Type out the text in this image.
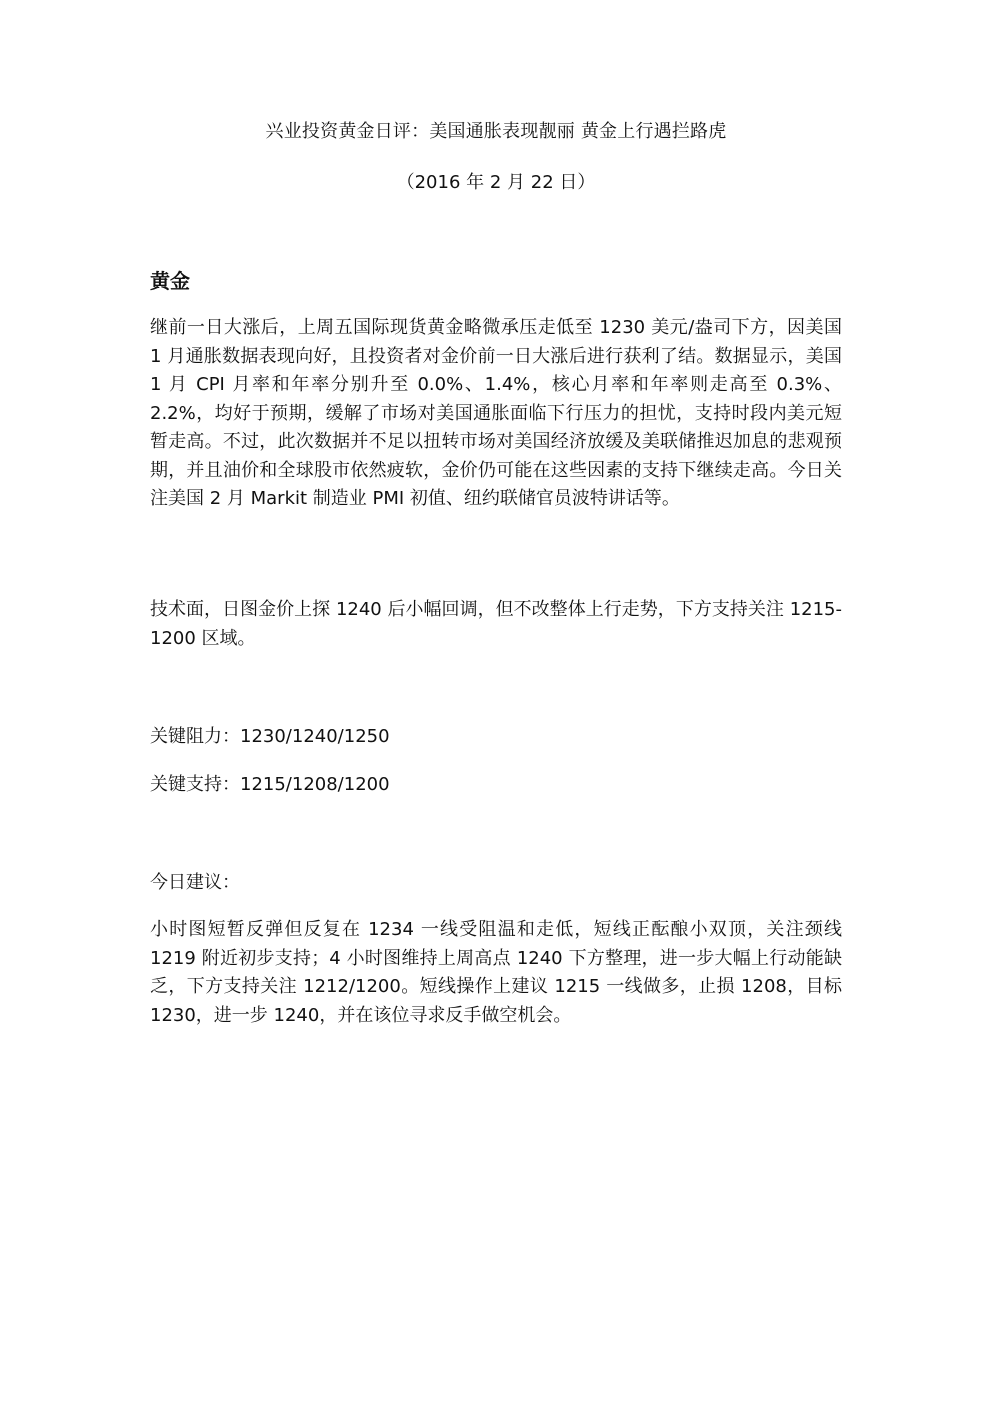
兴业投资黄金日评：美国通胀表现靓丽 黄金上行遇拦路虎
（2016 年 2 月 22 日）
黄金

继前一日大涨后，上周五国际现货黄金略微承压走低至 1230 美元/盎司下方，因美国 1 月通胀数据表现向好，且投资者对金价前一日大涨后进行获利了结。数据显示，美国 1 月 CPI 月率和年率分别升至 0.0%、1.4%，核心月率和年率则走高至 0.3%、2.2%，均好于预期，缓解了市场对美国通胀面临下行压力的担忧，支持时段内美元短暂走高。不过，此次数据并不足以扭转市场对美国经济放缓及美联储推迟加息的悲观预期，并且油价和全球股市依然疲软，金价仍可能在这些因素的支持下继续走高。今日关注美国 2 月 Markit 制造业 PMI 初值、纽约联储官员波特讲话等。

技术面，日图金价上探 1240 后小幅回调，但不改整体上行走势，下方支持关注 1215-1200 区域。

关键阻力：1230/1240/1250
关键支持：1215/1208/1200
今日建议：

小时图短暂反弹但反复在 1234 一线受阻温和走低，短线正酝酿小双顶，关注颈线 1219 附近初步支持；4 小时图维持上周高点 1240 下方整理，进一步大幅上行动能缺乏，下方支持关注 1212/1200。短线操作上建议 1215 一线做多，止损 1208，目标 1230，进一步 1240，并在该位寻求反手做空机会。
